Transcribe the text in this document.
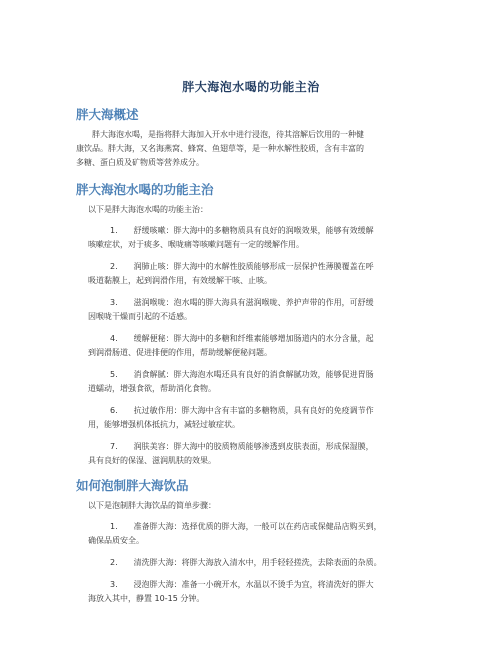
胖大海泡水喝的功能主治
胖大海概述

胖大海泡水喝，是指将胖大海加入开水中进行浸泡，待其溶解后饮用的一种健

康饮品。胖大海，又名海燕窝、蜂窝、鱼翅草等，是一种水解性胶质，含有丰富的

多糖、蛋白质及矿物质等营养成分。

胖大海泡水喝的功能主治

以下是胖大海泡水喝的功能主治：

1. 舒缓咳嗽：胖大海中的多糖物质具有良好的润喉效果，能够有效缓解

咳嗽症状，对于痰多、喉咙痛等咳嗽问题有一定的缓解作用。

2. 润肺止咳：胖大海中的水解性胶质能够形成一层保护性薄膜覆盖在呼

吸道黏膜上，起到润滑作用，有效缓解干咳、止咳。

3. 滋润喉咙：泡水喝的胖大海具有滋润喉咙、养护声带的作用，可舒缓

因喉咙干燥而引起的不适感。

4. 缓解便秘：胖大海中的多糖和纤维素能够增加肠道内的水分含量，起

到润滑肠道、促进排便的作用，帮助缓解便秘问题。

5. 消食解腻：胖大海泡水喝还具有良好的消食解腻功效，能够促进胃肠

道蠕动，增强食欲，帮助消化食物。

6. 抗过敏作用：胖大海中含有丰富的多糖物质，具有良好的免疫调节作

用，能够增强机体抵抗力，减轻过敏症状。

7. 润肤美容：胖大海中的胶质物质能够渗透到皮肤表面，形成保湿膜，

具有良好的保湿、滋润肌肤的效果。

如何泡制胖大海饮品

以下是泡制胖大海饮品的简单步骤：

1. 准备胖大海：选择优质的胖大海，一般可以在药店或保健品店购买到，

确保品质安全。

2. 清洗胖大海：将胖大海放入清水中，用手轻轻搓洗，去除表面的杂质。

3. 浸泡胖大海：准备一小碗开水，水温以不烫手为宜，将清洗好的胖大

海放入其中，静置 10-15 分钟。
